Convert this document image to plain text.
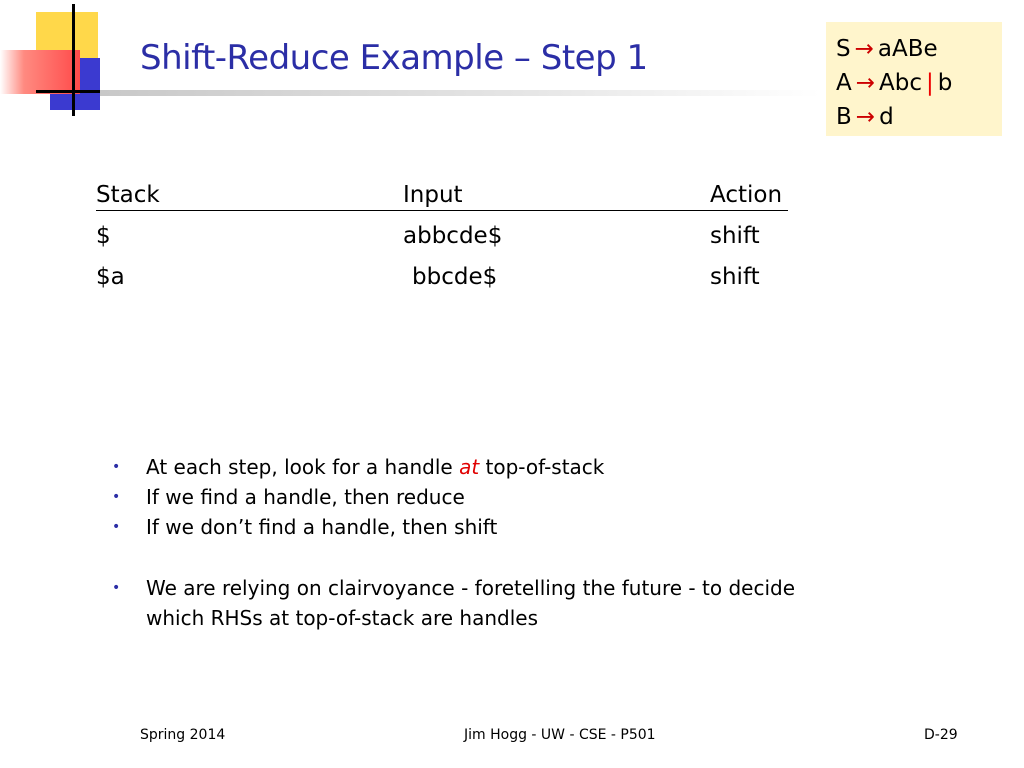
Shift-Reduce Example – Step 1	S → aABe
A → Abc | b
B → d
Stack	Input	Action
$	abbcde$	shift
$a	bbcde$	shift
• At each step, look for a handle at top-of-stack
• If we find a handle, then reduce
• If we don’t find a handle, then shift
• We are relying on clairvoyance - foretelling the future - to decide
which RHSs at top-of-stack are handles
Spring 2014	Jim Hogg - UW - CSE - P501	D-29
